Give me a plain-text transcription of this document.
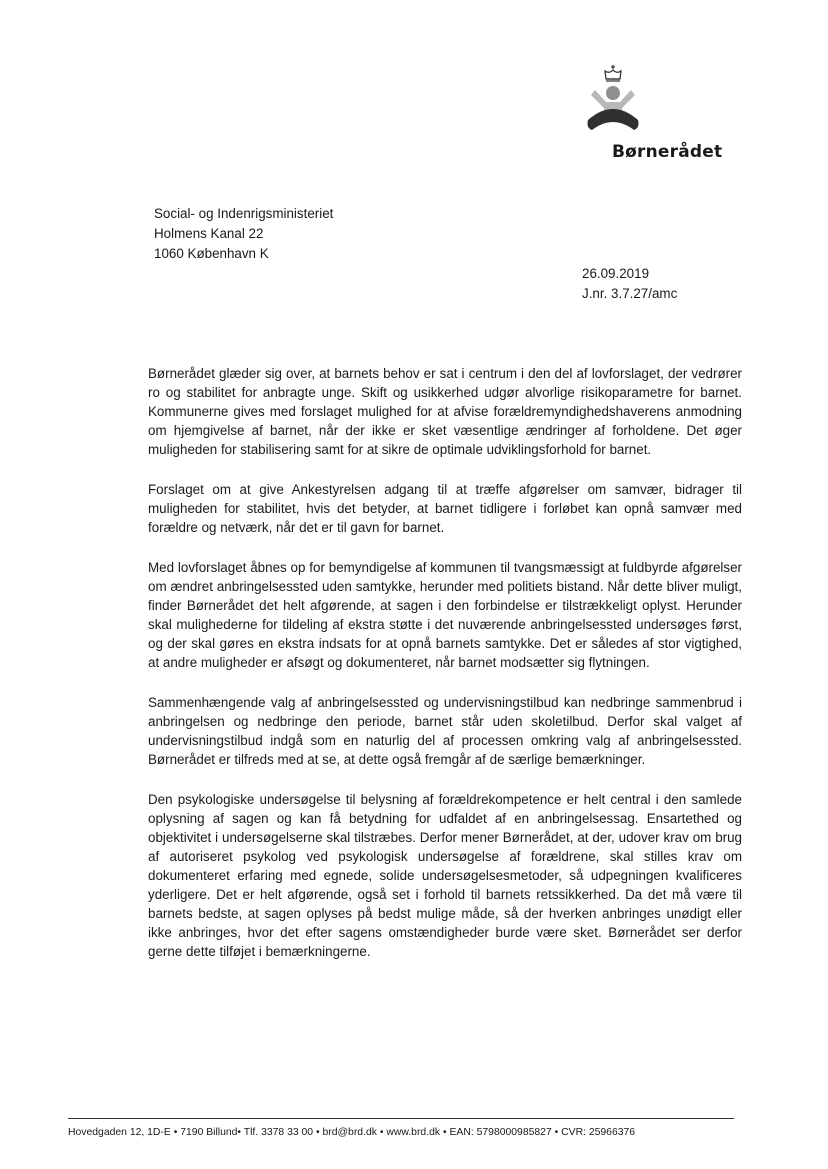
Børnerådet
Social- og Indenrigsministeriet
Holmens Kanal 22
1060 København K
26.09.2019
J.nr. 3.7.27/amc

Børnerådet glæder sig over, at barnets behov er sat i centrum i den del af lovforslaget, der vedrører ro og stabilitet for anbragte unge. Skift og usikkerhed udgør alvorlige risikoparametre for barnet. Kommunerne gives med forslaget mulighed for at afvise forældremyndighedshaverens anmodning om hjemgivelse af barnet, når der ikke er sket væsentlige ændringer af forholdene. Det øger muligheden for stabilisering samt for at sikre de optimale udviklingsforhold for barnet.

Forslaget om at give Ankestyrelsen adgang til at træffe afgørelser om samvær, bidrager til muligheden for stabilitet, hvis det betyder, at barnet tidligere i forløbet kan opnå samvær med forældre og netværk, når det er til gavn for barnet.

Med lovforslaget åbnes op for bemyndigelse af kommunen til tvangsmæssigt at fuldbyrde afgørelser om ændret anbringelsessted uden samtykke, herunder med politiets bistand. Når dette bliver muligt, finder Børnerådet det helt afgørende, at sagen i den forbindelse er tilstrækkeligt oplyst. Herunder skal mulighederne for tildeling af ekstra støtte i det nuværende anbringelsessted undersøges først, og der skal gøres en ekstra indsats for at opnå barnets samtykke. Det er således af stor vigtighed, at andre muligheder er afsøgt og dokumenteret, når barnet modsætter sig flytningen.

Sammenhængende valg af anbringelsessted og undervisningstilbud kan nedbringe sammenbrud i anbringelsen og nedbringe den periode, barnet står uden skoletilbud. Derfor skal valget af undervisningstilbud indgå som en naturlig del af processen omkring valg af anbringelsessted. Børnerådet er tilfreds med at se, at dette også fremgår af de særlige bemærkninger.

Den psykologiske undersøgelse til belysning af forældrekompetence er helt central i den samlede oplysning af sagen og kan få betydning for udfaldet af en anbringelsessag. Ensartethed og objektivitet i undersøgelserne skal tilstræbes. Derfor mener Børnerådet, at der, udover krav om brug af autoriseret psykolog ved psykologisk undersøgelse af forældrene, skal stilles krav om dokumenteret erfaring med egnede, solide undersøgelsesmetoder, så udpegningen kvalificeres yderligere. Det er helt afgørende, også set i forhold til barnets retssikkerhed. Da det må være til barnets bedste, at sagen oplyses på bedst mulige måde, så der hverken anbringes unødigt eller ikke anbringes, hvor det efter sagens omstændigheder burde være sket. Børnerådet ser derfor gerne dette tilføjet i bemærkningerne.

Hovedgaden 12, 1D-E • 7190 Billund• Tlf. 3378 33 00 • brd@brd.dk • www.brd.dk • EAN: 5798000985827 • CVR: 25966376
